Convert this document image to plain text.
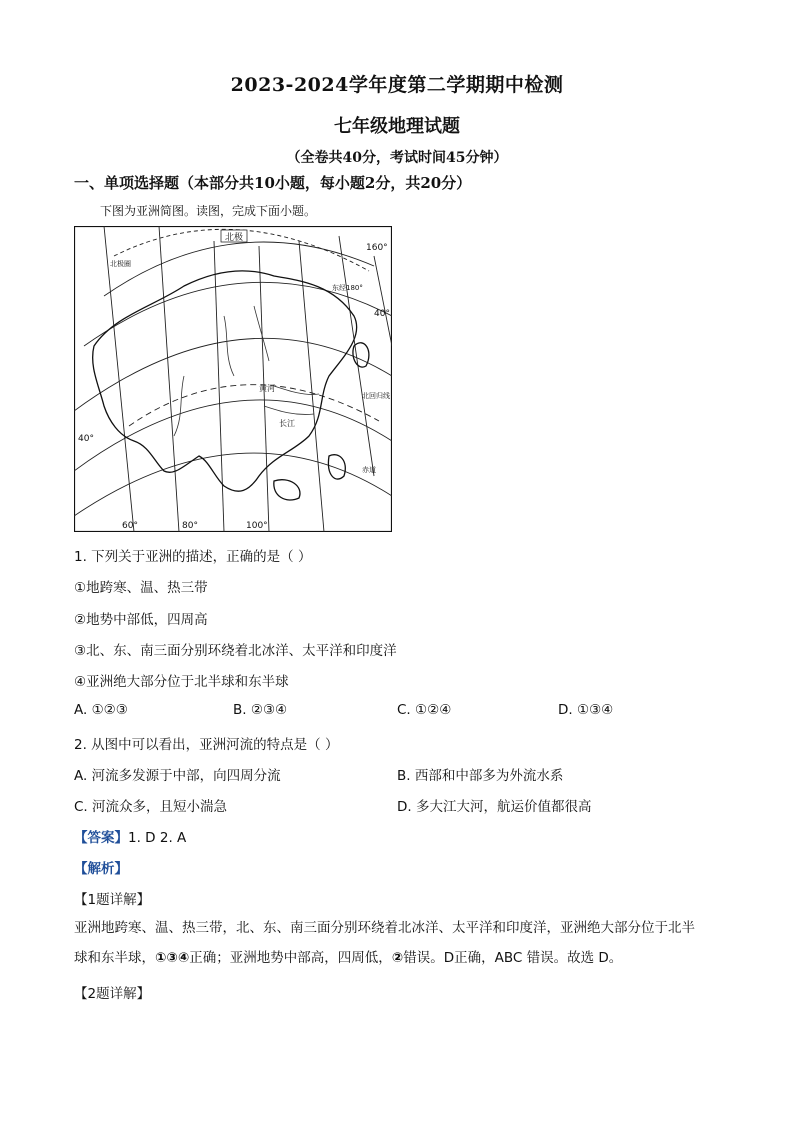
2023-2024学年度第二学期期中检测
七年级地理试题
（全卷共40分，考试时间45分钟）
一、单项选择题（本部分共10小题，每小题2分，共20分）
下图为亚洲简图。读图，完成下面小题。
北极
60°	80°	100°
40°
160°
40°
东经180°
北回归线
赤道
长江
黄河
北极圈
1. 下列关于亚洲的描述，正确的是（ ）
①地跨寒、温、热三带
②地势中部低，四周高
③北、东、南三面分别环绕着北冰洋、太平洋和印度洋
④亚洲绝大部分位于北半球和东半球
A. ①②③	B. ②③④	C. ①②④	D. ①③④
2. 从图中可以看出，亚洲河流的特点是（ ）
A. 河流多发源于中部，向四周分流	B. 西部和中部多为外流水系
C. 河流众多，且短小湍急	D. 多大江大河，航运价值都很高
【答案】1. D 2. A
【解析】
【1题详解】
亚洲地跨寒、温、热三带，北、东、南三面分别环绕着北冰洋、太平洋和印度洋，亚洲绝大部分位于北半
球和东半球，①③④正确；亚洲地势中部高，四周低，②错误。D正确，ABC 错误。故选 D。
【2题详解】
